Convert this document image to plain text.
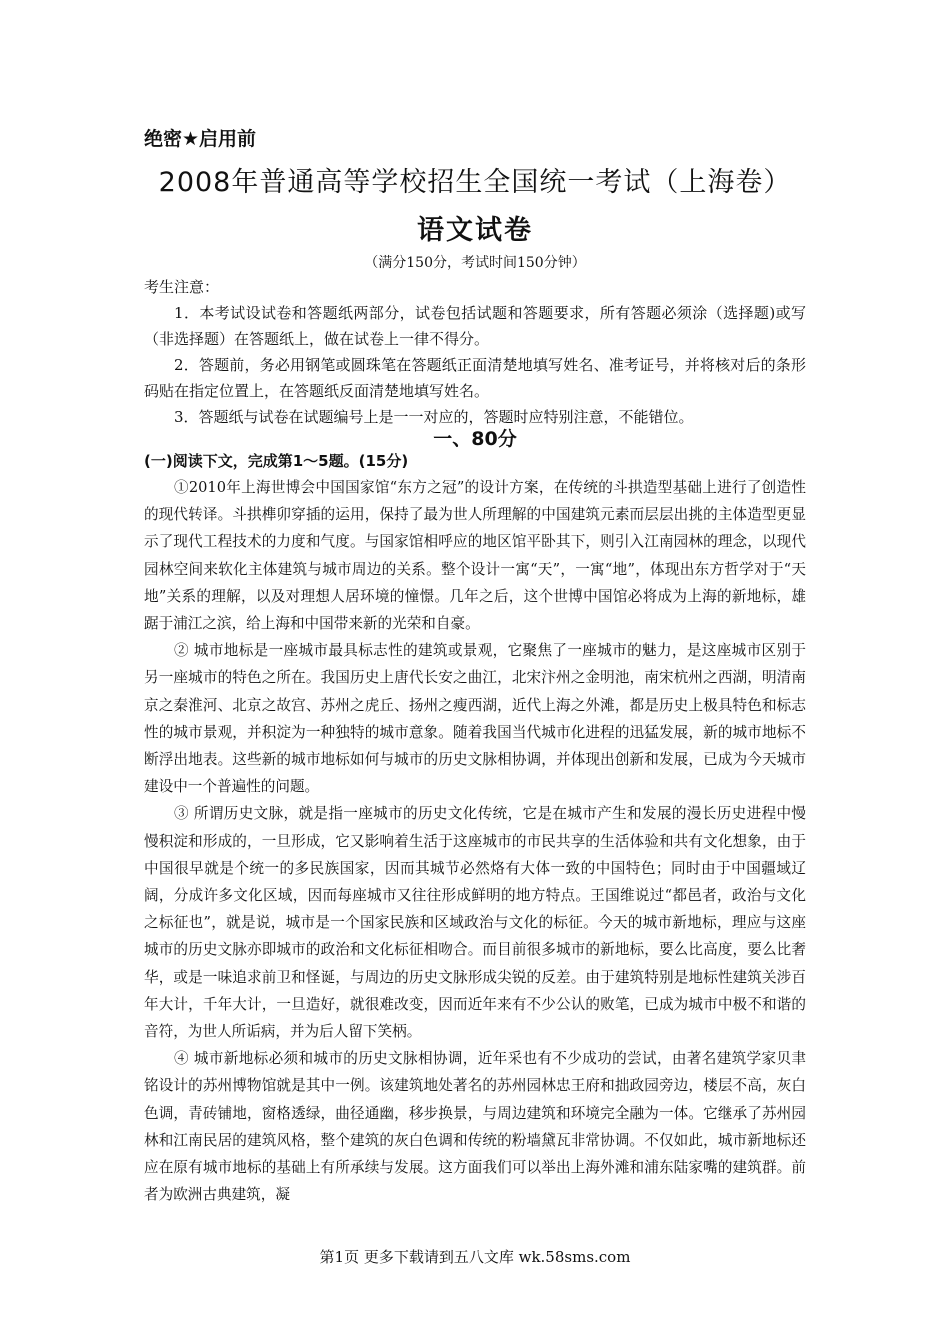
绝密★启用前
2008年普通高等学校招生全国统一考试（上海卷）
语文试卷
（满分150分，考试时间150分钟）

考生注意：

1．本考试设试卷和答题纸两部分，试卷包括试题和答题要求，所有答题必须涂（选择题)或写（非选择题）在答题纸上，做在试卷上一律不得分。

2．答题前，务必用钢笔或圆珠笔在答题纸正面清楚地填写姓名、准考证号，并将核对后的条形码贴在指定位置上，在答题纸反面清楚地填写姓名。

3．答题纸与试卷在试题编号上是一一对应的，答题时应特别注意，不能错位。

一、80分
(一)阅读下文，完成第1～5题。(15分)

①2010年上海世博会中国国家馆“东方之冠”的设计方案，在传统的斗拱造型基础上进行了创造性的现代转译。斗拱榫卯穿插的运用，保持了最为世人所理解的中国建筑元素而层层出挑的主体造型更显示了现代工程技术的力度和气度。与国家馆相呼应的地区馆平卧其下，则引入江南园林的理念，以现代园林空间来软化主体建筑与城市周边的关系。整个设计一寓“天”，一寓“地”，体现出东方哲学对于“天地”关系的理解，以及对理想人居环境的憧憬。几年之后，这个世博中国馆必将成为上海的新地标，雄踞于浦江之滨，给上海和中国带来新的光荣和自豪。

② 城市地标是一座城市最具标志性的建筑或景观，它聚焦了一座城市的魅力，是这座城市区别于另一座城市的特色之所在。我国历史上唐代长安之曲江，北宋汴州之金明池，南宋杭州之西湖，明清南京之秦淮河、北京之故宫、苏州之虎丘、扬州之瘦西湖，近代上海之外滩，都是历史上极具特色和标志性的城市景观，并积淀为一种独特的城市意象。随着我国当代城市化进程的迅猛发展，新的城市地标不断浮出地表。这些新的城市地标如何与城市的历史文脉相协调，并体现出创新和发展，已成为今天城市建设中一个普遍性的问题。

③ 所谓历史文脉，就是指一座城市的历史文化传统，它是在城市产生和发展的漫长历史进程中慢慢积淀和形成的，一旦形成，它又影响着生活于这座城市的市民共享的生活体验和共有文化想象，由于中国很早就是个统一的多民族国家，因而其城节必然烙有大体一致的中国特色；同时由于中国疆域辽阔，分成许多文化区域，因而每座城市又往往形成鲜明的地方特点。王国维说过“都邑者，政治与文化之标征也”，就是说，城市是一个国家民族和区域政治与文化的标征。今天的城市新地标，理应与这座城市的历史文脉亦即城市的政治和文化标征相吻合。而目前很多城市的新地标，要么比高度，要么比奢华，或是一味追求前卫和怪诞，与周边的历史文脉形成尖锐的反差。由于建筑特别是地标性建筑关涉百年大计，千年大计，一旦造好，就很难改变，因而近年来有不少公认的败笔，已成为城市中极不和谐的音符，为世人所诟病，并为后人留下笑柄。

④ 城市新地标必须和城市的历史文脉相协调，近年采也有不少成功的尝试，由著名建筑学家贝聿铭设计的苏州博物馆就是其中一例。该建筑地处著名的苏州园林忠王府和拙政园旁边，楼层不高，灰白色调，青砖铺地，窗格透绿，曲径通幽，移步换景，与周边建筑和环境完全融为一体。它继承了苏州园林和江南民居的建筑风格，整个建筑的灰白色调和传统的粉墙黛瓦非常协调。不仅如此，城市新地标还应在原有城市地标的基础上有所承续与发展。这方面我们可以举出上海外滩和浦东陆家嘴的建筑群。前者为欧洲古典建筑，凝

第1页 更多下载请到五八文库 wk.58sms.com
